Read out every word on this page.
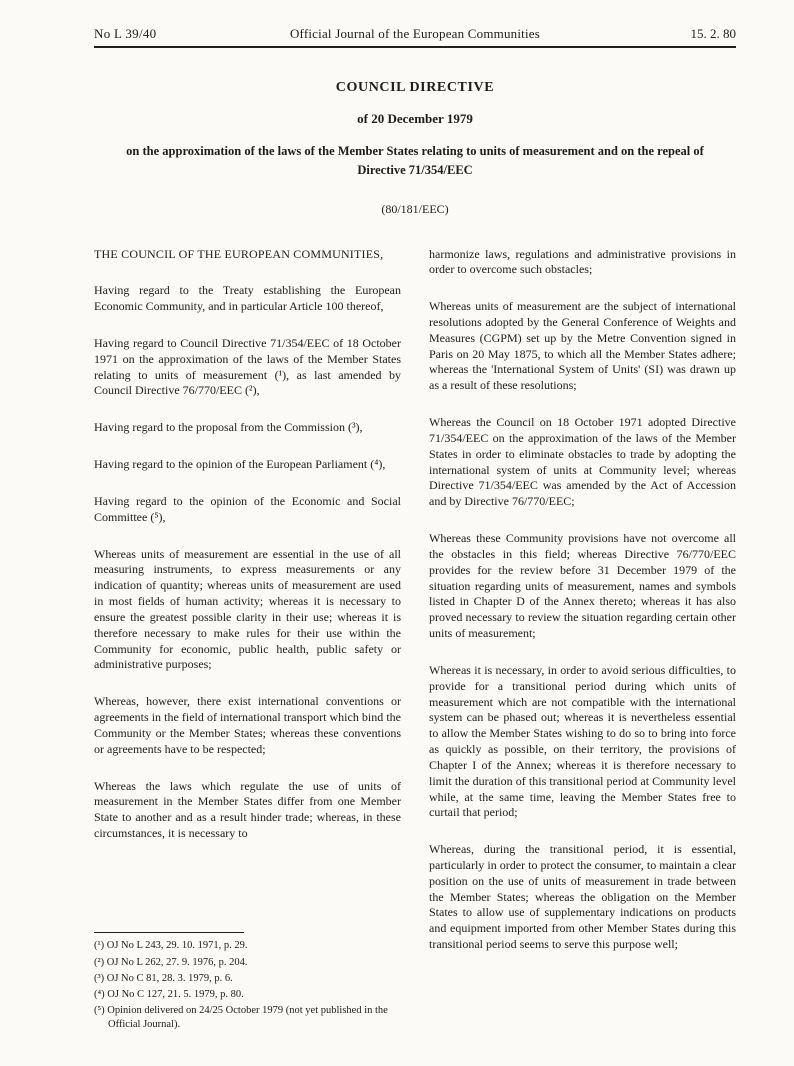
No L 39/40	Official Journal of the European Communities	15. 2. 80
COUNCIL DIRECTIVE
of 20 December 1979
on the approximation of the laws of the Member States relating to units of measurement and on the repeal of Directive 71/354/EEC
(80/181/EEC)

THE COUNCIL OF THE EUROPEAN COMMUNITIES,

Having regard to the Treaty establishing the European Economic Community, and in particular Article 100 thereof,

Having regard to Council Directive 71/354/EEC of 18 October 1971 on the approximation of the laws of the Member States relating to units of measurement (¹), as last amended by Council Directive 76/770/EEC (²),

Having regard to the proposal from the Commission (³),

Having regard to the opinion of the European Parliament (⁴),

Having regard to the opinion of the Economic and Social Committee (⁵),

Whereas units of measurement are essential in the use of all measuring instruments, to express measurements or any indication of quantity; whereas units of measurement are used in most fields of human activity; whereas it is necessary to ensure the greatest possible clarity in their use; whereas it is therefore necessary to make rules for their use within the Community for economic, public health, public safety or administrative purposes;

Whereas, however, there exist international conventions or agreements in the field of international transport which bind the Community or the Member States; whereas these conventions or agreements have to be respected;

Whereas the laws which regulate the use of units of measurement in the Member States differ from one Member State to another and as a result hinder trade; whereas, in these circumstances, it is necessary to

(¹) OJ No L 243, 29. 10. 1971, p. 29.

(²) OJ No L 262, 27. 9. 1976, p. 204.

(³) OJ No C 81, 28. 3. 1979, p. 6.

(⁴) OJ No C 127, 21. 5. 1979, p. 80.

(⁵) Opinion delivered on 24/25 October 1979 (not yet published in the Official Journal).

harmonize laws, regulations and administrative provisions in order to overcome such obstacles;

Whereas units of measurement are the subject of international resolutions adopted by the General Conference of Weights and Measures (CGPM) set up by the Metre Convention signed in Paris on 20 May 1875, to which all the Member States adhere; whereas the 'International System of Units' (SI) was drawn up as a result of these resolutions;

Whereas the Council on 18 October 1971 adopted Directive 71/354/EEC on the approximation of the laws of the Member States in order to eliminate obstacles to trade by adopting the international system of units at Community level; whereas Directive 71/354/EEC was amended by the Act of Accession and by Directive 76/770/EEC;

Whereas these Community provisions have not overcome all the obstacles in this field; whereas Directive 76/770/EEC provides for the review before 31 December 1979 of the situation regarding units of measurement, names and symbols listed in Chapter D of the Annex thereto; whereas it has also proved necessary to review the situation regarding certain other units of measurement;

Whereas it is necessary, in order to avoid serious difficulties, to provide for a transitional period during which units of measurement which are not compatible with the international system can be phased out; whereas it is nevertheless essential to allow the Member States wishing to do so to bring into force as quickly as possible, on their territory, the provisions of Chapter I of the Annex; whereas it is therefore necessary to limit the duration of this transitional period at Community level while, at the same time, leaving the Member States free to curtail that period;

Whereas, during the transitional period, it is essential, particularly in order to protect the consumer, to maintain a clear position on the use of units of measurement in trade between the Member States; whereas the obligation on the Member States to allow use of supplementary indications on products and equipment imported from other Member States during this transitional period seems to serve this purpose well;
